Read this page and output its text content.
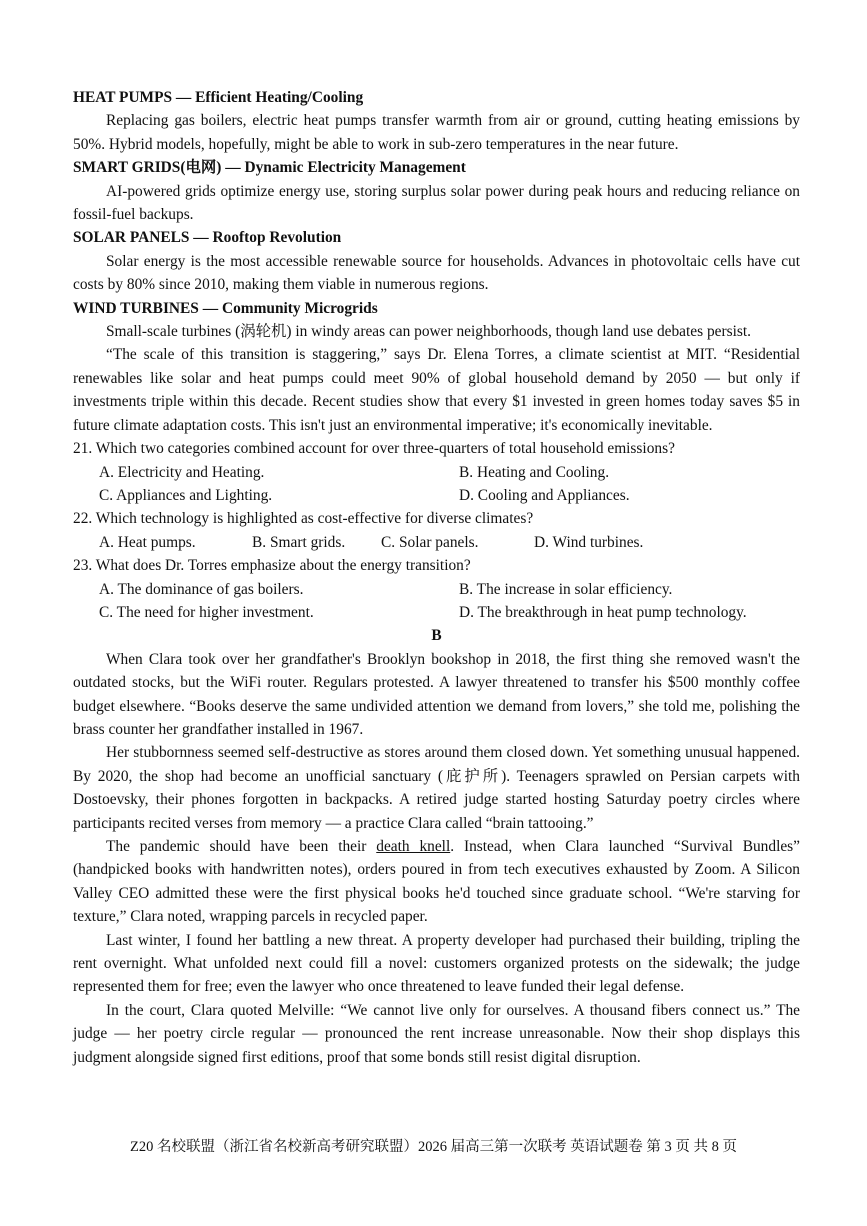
HEAT PUMPS — Efficient Heating/Cooling

Replacing gas boilers, electric heat pumps transfer warmth from air or ground, cutting heating emissions by 50%. Hybrid models, hopefully, might be able to work in sub-zero temperatures in the near future.

SMART GRIDS(电网) — Dynamic Electricity Management

AI-powered grids optimize energy use, storing surplus solar power during peak hours and reducing reliance on fossil-fuel backups.

SOLAR PANELS — Rooftop Revolution

Solar energy is the most accessible renewable source for households. Advances in photovoltaic cells have cut costs by 80% since 2010, making them viable in numerous regions.

WIND TURBINES — Community Microgrids

Small-scale turbines (涡轮机) in windy areas can power neighborhoods, though land use debates persist.

“The scale of this transition is staggering,” says Dr. Elena Torres, a climate scientist at MIT. “Residential renewables like solar and heat pumps could meet 90% of global household demand by 2050 — but only if investments triple within this decade. Recent studies show that every $1 invested in green homes today saves $5 in future climate adaptation costs. This isn't just an environmental imperative; it's economically inevitable.

21. Which two categories combined account for over three-quarters of total household emissions?

A. Electricity and Heating.	B. Heating and Cooling.
C. Appliances and Lighting.	D. Cooling and Appliances.

22. Which technology is highlighted as cost-effective for diverse climates?

A. Heat pumps.	B. Smart grids.	C. Solar panels.	D. Wind turbines.

23. What does Dr. Torres emphasize about the energy transition?

A. The dominance of gas boilers.	B. The increase in solar efficiency.
C. The need for higher investment.	D. The breakthrough in heat pump technology.

B

When Clara took over her grandfather's Brooklyn bookshop in 2018, the first thing she removed wasn't the outdated stocks, but the WiFi router. Regulars protested. A lawyer threatened to transfer his $500 monthly coffee budget elsewhere. “Books deserve the same undivided attention we demand from lovers,” she told me, polishing the brass counter her grandfather installed in 1967.

Her stubbornness seemed self-destructive as stores around them closed down. Yet something unusual happened. By 2020, the shop had become an unofficial sanctuary (庇护所). Teenagers sprawled on Persian carpets with Dostoevsky, their phones forgotten in backpacks. A retired judge started hosting Saturday poetry circles where participants recited verses from memory — a practice Clara called “brain tattooing.”

The pandemic should have been their death knell. Instead, when Clara launched “Survival Bundles” (handpicked books with handwritten notes), orders poured in from tech executives exhausted by Zoom. A Silicon Valley CEO admitted these were the first physical books he'd touched since graduate school. “We're starving for texture,” Clara noted, wrapping parcels in recycled paper.

Last winter, I found her battling a new threat. A property developer had purchased their building, tripling the rent overnight. What unfolded next could fill a novel: customers organized protests on the sidewalk; the judge represented them for free; even the lawyer who once threatened to leave funded their legal defense.

In the court, Clara quoted Melville: “We cannot live only for ourselves. A thousand fibers connect us.” The judge — her poetry circle regular — pronounced the rent increase unreasonable. Now their shop displays this judgment alongside signed first editions, proof that some bonds still resist digital disruption.

Z20 名校联盟（浙江省名校新高考研究联盟）2026 届高三第一次联考 英语试题卷 第 3 页 共 8 页
